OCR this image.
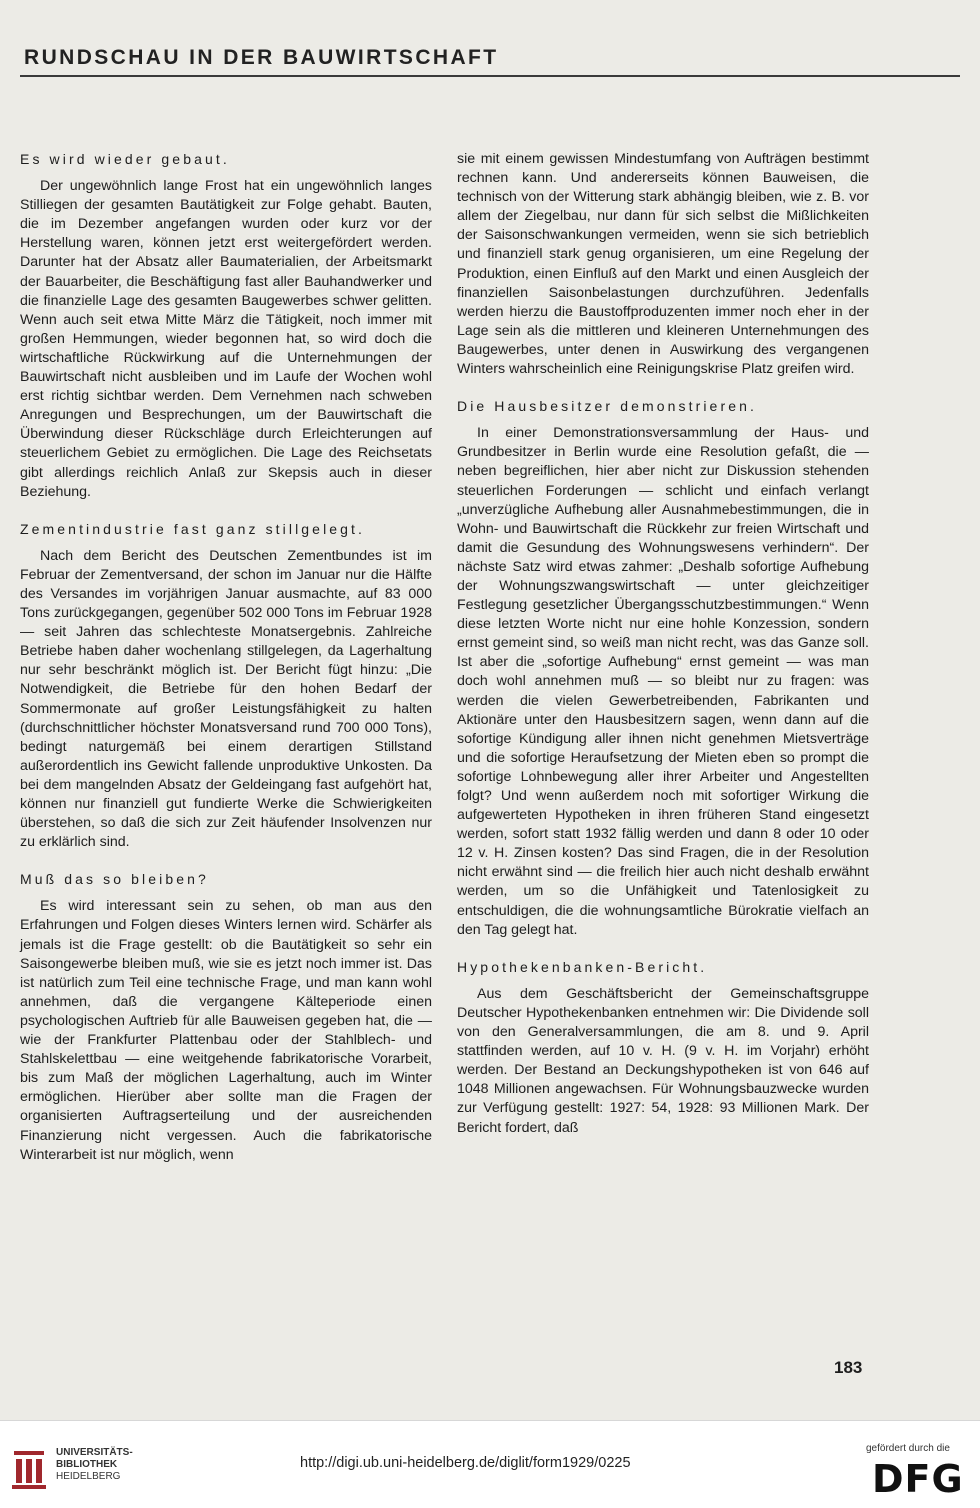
RUNDSCHAU IN DER BAUWIRTSCHAFT
Es wird wieder gebaut.

Der ungewöhnlich lange Frost hat ein ungewöhnlich langes Stilliegen der gesamten Bautätigkeit zur Folge gehabt. Bauten, die im Dezember angefangen wurden oder kurz vor der Herstellung waren, können jetzt erst weitergefördert werden. Darunter hat der Absatz aller Baumaterialien, der Arbeitsmarkt der Bauarbeiter, die Beschäftigung fast aller Bauhandwerker und die finanzielle Lage des gesamten Baugewerbes schwer gelitten. Wenn auch seit etwa Mitte März die Tätigkeit, noch immer mit großen Hemmungen, wieder begonnen hat, so wird doch die wirtschaftliche Rückwirkung auf die Unternehmungen der Bauwirtschaft nicht ausbleiben und im Laufe der Wochen wohl erst richtig sichtbar werden. Dem Vernehmen nach schweben Anregungen und Besprechungen, um der Bauwirtschaft die Überwindung dieser Rückschläge durch Erleichterungen auf steuerlichem Gebiet zu ermöglichen. Die Lage des Reichsetats gibt allerdings reichlich Anlaß zur Skepsis auch in dieser Beziehung.

Zementindustrie fast ganz stillgelegt.

Nach dem Bericht des Deutschen Zementbundes ist im Februar der Zementversand, der schon im Januar nur die Hälfte des Versandes im vorjährigen Januar ausmachte, auf 83 000 Tons zurückgegangen, gegenüber 502 000 Tons im Februar 1928 — seit Jahren das schlechteste Monatsergebnis. Zahlreiche Betriebe haben daher wochenlang stillgelegen, da Lagerhaltung nur sehr beschränkt möglich ist. Der Bericht fügt hinzu: „Die Notwendigkeit, die Betriebe für den hohen Bedarf der Sommermonate auf großer Leistungsfähigkeit zu halten (durchschnittlicher höchster Monatsversand rund 700 000 Tons), bedingt naturgemäß bei einem derartigen Stillstand außerordentlich ins Gewicht fallende unproduktive Unkosten. Da bei dem mangelnden Absatz der Geldeingang fast aufgehört hat, können nur finanziell gut fundierte Werke die Schwierigkeiten überstehen, so daß die sich zur Zeit häufender Insolvenzen nur zu erklärlich sind.

Muß das so bleiben?

Es wird interessant sein zu sehen, ob man aus den Erfahrungen und Folgen dieses Winters lernen wird. Schärfer als jemals ist die Frage gestellt: ob die Bautätigkeit so sehr ein Saisongewerbe bleiben muß, wie sie es jetzt noch immer ist. Das ist natürlich zum Teil eine technische Frage, und man kann wohl annehmen, daß die vergangene Kälteperiode einen psychologischen Auftrieb für alle Bauweisen gegeben hat, die — wie der Frankfurter Plattenbau oder der Stahlblech- und Stahlskelettbau — eine weitgehende fabrikatorische Vorarbeit, bis zum Maß der möglichen Lagerhaltung, auch im Winter ermöglichen. Hierüber aber sollte man die Fragen der organisierten Auftragserteilung und der ausreichenden Finanzierung nicht vergessen. Auch die fabrikatorische Winterarbeit ist nur möglich, wenn

sie mit einem gewissen Mindestumfang von Aufträgen bestimmt rechnen kann. Und andererseits können Bauweisen, die technisch von der Witterung stark abhängig bleiben, wie z. B. vor allem der Ziegelbau, nur dann für sich selbst die Mißlichkeiten der Saisonschwankungen vermeiden, wenn sie sich betrieblich und finanziell stark genug organisieren, um eine Regelung der Produktion, einen Einfluß auf den Markt und einen Ausgleich der finanziellen Saisonbelastungen durchzuführen. Jedenfalls werden hierzu die Baustoffproduzenten immer noch eher in der Lage sein als die mittleren und kleineren Unternehmungen des Baugewerbes, unter denen in Auswirkung des vergangenen Winters wahrscheinlich eine Reinigungskrise Platz greifen wird.

Die Hausbesitzer demonstrieren.

In einer Demonstrationsversammlung der Haus- und Grundbesitzer in Berlin wurde eine Resolution gefaßt, die — neben begreiflichen, hier aber nicht zur Diskussion stehenden steuerlichen Forderungen — schlicht und einfach verlangt „unverzügliche Aufhebung aller Ausnahmebestimmungen, die in Wohn- und Bauwirtschaft die Rückkehr zur freien Wirtschaft und damit die Gesundung des Wohnungswesens verhindern“. Der nächste Satz wird etwas zahmer: „Deshalb sofortige Aufhebung der Wohnungszwangswirtschaft — unter gleichzeitiger Festlegung gesetzlicher Übergangsschutzbestimmungen.“ Wenn diese letzten Worte nicht nur eine hohle Konzession, sondern ernst gemeint sind, so weiß man nicht recht, was das Ganze soll. Ist aber die „sofortige Aufhebung“ ernst gemeint — was man doch wohl annehmen muß — so bleibt nur zu fragen: was werden die vielen Gewerbetreibenden, Fabrikanten und Aktionäre unter den Hausbesitzern sagen, wenn dann auf die sofortige Kündigung aller ihnen nicht genehmen Mietsverträge und die sofortige Heraufsetzung der Mieten eben so prompt die sofortige Lohnbewegung aller ihrer Arbeiter und Angestellten folgt? Und wenn außerdem noch mit sofortiger Wirkung die aufgewerteten Hypotheken in ihren früheren Stand eingesetzt werden, sofort statt 1932 fällig werden und dann 8 oder 10 oder 12 v. H. Zinsen kosten? Das sind Fragen, die in der Resolution nicht erwähnt sind — die freilich hier auch nicht deshalb erwähnt werden, um so die Unfähigkeit und Tatenlosigkeit zu entschuldigen, die die wohnungsamtliche Bürokratie vielfach an den Tag gelegt hat.

Hypothekenbanken-Bericht.

Aus dem Geschäftsbericht der Gemeinschaftsgruppe Deutscher Hypothekenbanken entnehmen wir: Die Dividende soll von den Generalversammlungen, die am 8. und 9. April stattfinden werden, auf 10 v. H. (9 v. H. im Vorjahr) erhöht werden. Der Bestand an Deckungshypotheken ist von 646 auf 1048 Millionen angewachsen. Für Wohnungsbauzwecke wurden zur Verfügung gestellt: 1927: 54, 1928: 93 Millionen Mark. Der Bericht fordert, daß

183
UNIVERSITÄTS-
BIBLIOTHEK
HEIDELBERG
http://digi.ub.uni-heidelberg.de/diglit/form1929/0225
gefördert durch die
DFG
